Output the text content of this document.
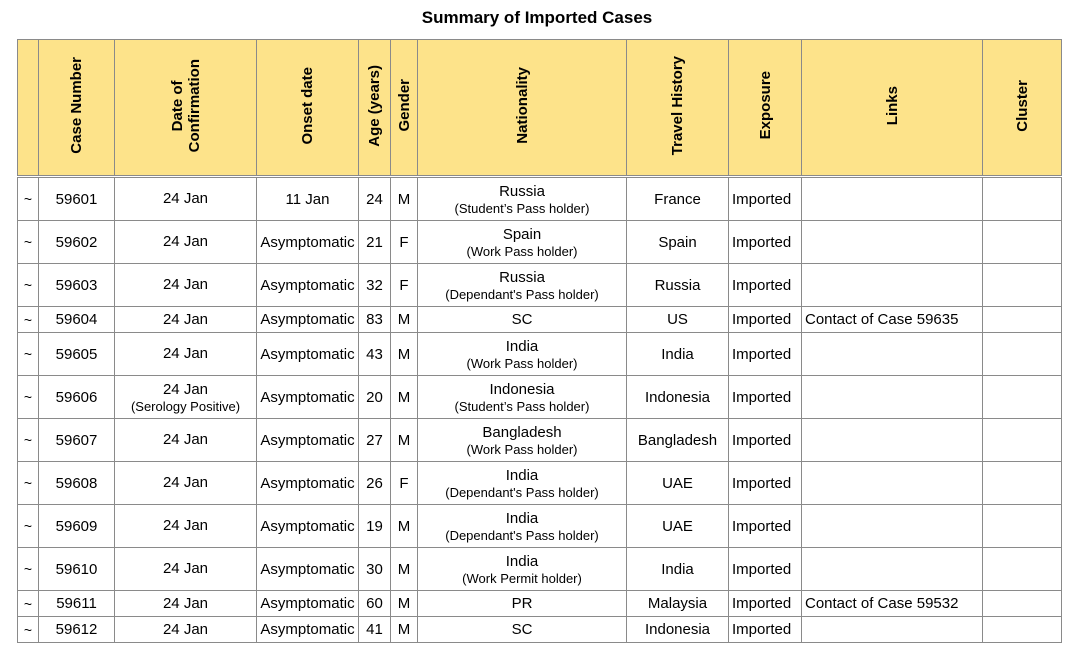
Summary of Imported Cases
	Case Number	Date of
Confirmation	Onset date	Age (years)	Gender	Nationality	Travel History	Exposure	Links	Cluster

~	59601	24 Jan	11 Jan	24	M	Russia
(Student’s Pass holder)	France	Imported		
~	59602	24 Jan	Asymptomatic	21	F	Spain
(Work Pass holder)	Spain	Imported		
~	59603	24 Jan	Asymptomatic	32	F	Russia
(Dependant's Pass holder)	Russia	Imported		
~	59604	24 Jan	Asymptomatic	83	M	SC	US	Imported	Contact of Case 59635	
~	59605	24 Jan	Asymptomatic	43	M	India
(Work Pass holder)	India	Imported		
~	59606	24 Jan
(Serology Positive)	Asymptomatic	20	M	Indonesia
(Student’s Pass holder)	Indonesia	Imported		
~	59607	24 Jan	Asymptomatic	27	M	Bangladesh
(Work Pass holder)	Bangladesh	Imported		
~	59608	24 Jan	Asymptomatic	26	F	India
(Dependant's Pass holder)	UAE	Imported		
~	59609	24 Jan	Asymptomatic	19	M	India
(Dependant's Pass holder)	UAE	Imported		
~	59610	24 Jan	Asymptomatic	30	M	India
(Work Permit holder)	India	Imported		
~	59611	24 Jan	Asymptomatic	60	M	PR	Malaysia	Imported	Contact of Case 59532	
~	59612	24 Jan	Asymptomatic	41	M	SC	Indonesia	Imported		
